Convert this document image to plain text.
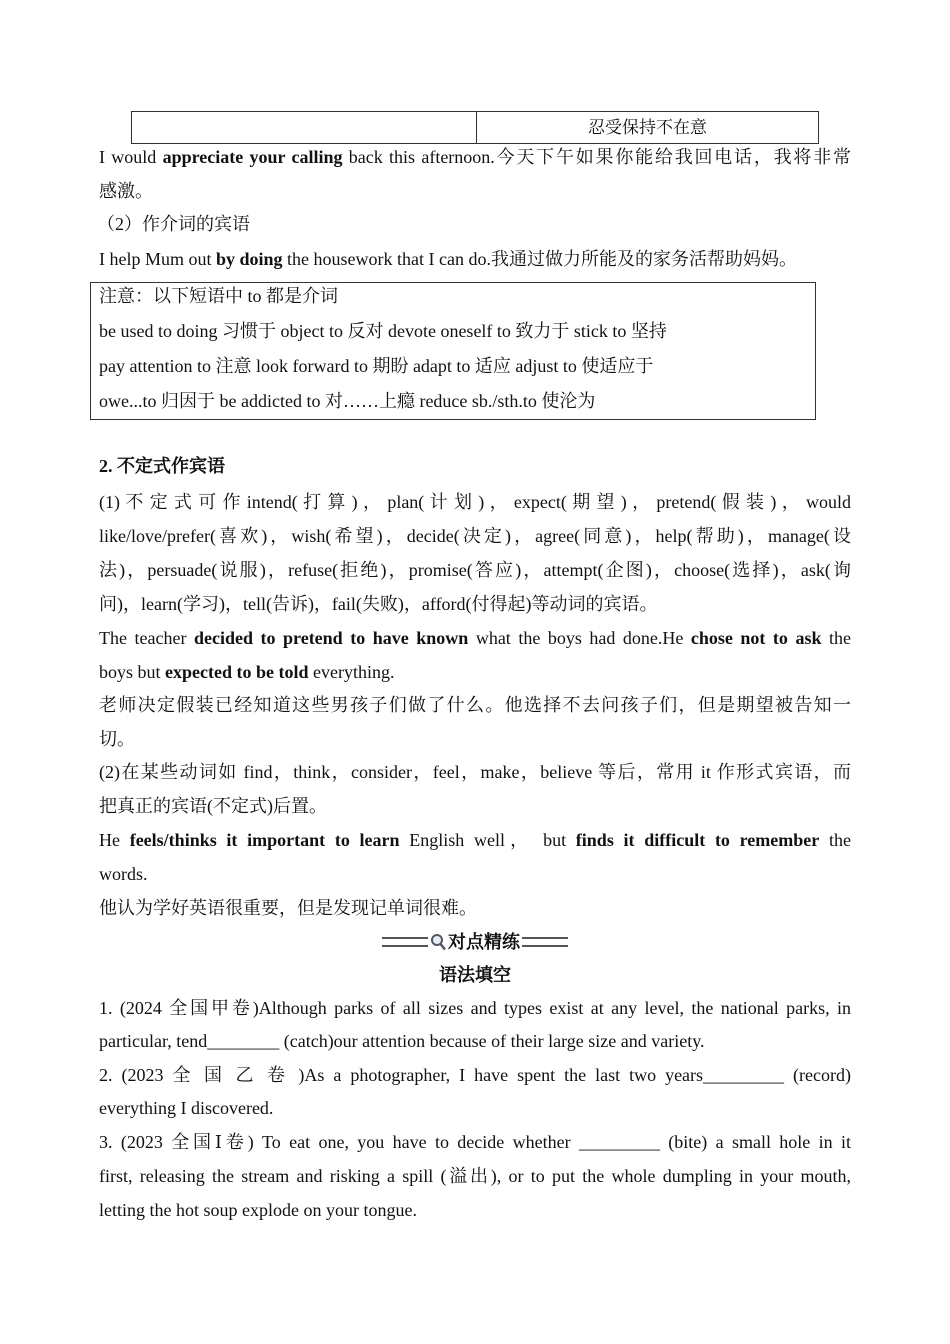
忍受保持不在意
I would appreciate your calling back this afternoon.今天下午如果你能给我回电话，我将非常
感激。
（2）作介词的宾语
I help Mum out by doing the housework that I can do.我通过做力所能及的家务活帮助妈妈。
注意：以下短语中 to 都是介词
be used to doing 习惯于 object to 反对 devote oneself to 致力于 stick to 坚持
pay attention to 注意 look forward to 期盼 adapt to 适应 adjust to 使适应于
owe...to 归因于 be addicted to 对……上瘾 reduce sb./sth.to 使沦为
2. 不定式作宾语
(1) 不 定 式 可 作 intend( 打 算 ) ， plan( 计 划 ) ， expect( 期 望 ) ， pretend( 假 装 ) ， would
like/love/prefer(喜欢)，wish(希望)，decide(决定)，agree(同意)，help(帮助)，manage(设
法)，persuade(说服)，refuse(拒绝)，promise(答应)，attempt(企图)，choose(选择)，ask(询
问)，learn(学习)，tell(告诉)，fail(失败)，afford(付得起)等动词的宾语。
The teacher decided to pretend to have known what the boys had done.He chose not to ask the
boys but expected to be told everything.
老师决定假装已经知道这些男孩子们做了什么。他选择不去问孩子们，但是期望被告知一
切。
(2)在某些动词如 find，think，consider，feel，make，believe 等后，常用 it 作形式宾语，而
把真正的宾语(不定式)后置。
He feels/thinks it important to learn English well， but finds it difficult to remember the
words.
他认为学好英语很重要，但是发现记单词很难。
对点精练
语法填空
1. (2024 全国甲卷)Although parks of all sizes and types exist at any level, the national parks, in
particular, tend________ (catch)our attention because of their large size and variety.
2. (2023 全 国 乙 卷 )As a photographer, I have spent the last two years_________ (record)
everything I discovered.
3. (2023 全国Ⅰ卷) To eat one, you have to decide whether _________ (bite) a small hole in it
first, releasing the stream and risking a spill (溢出), or to put the whole dumpling in your mouth,
letting the hot soup explode on your tongue.
